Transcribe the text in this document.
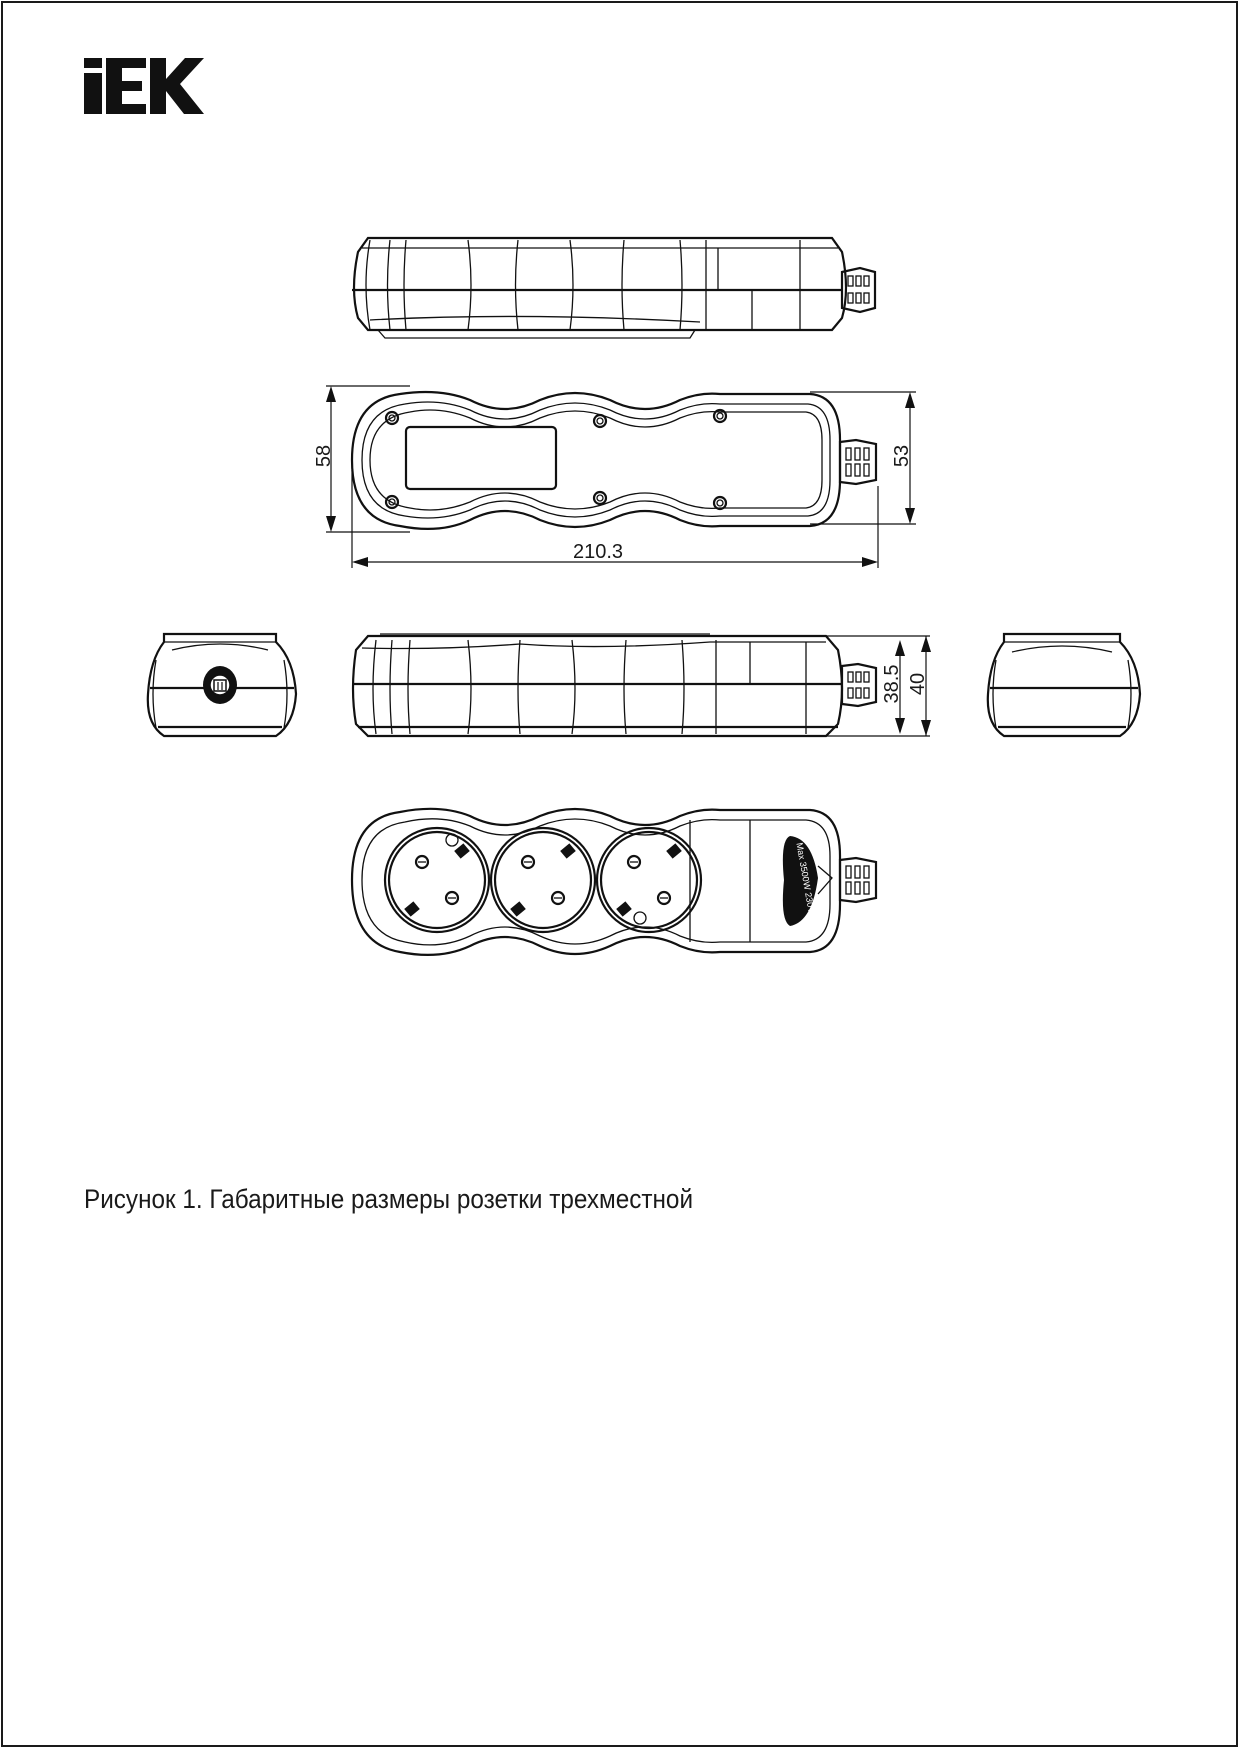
58	53
210.3
38.5 40
Max 3500W 230V~
Рисунок 1. Габаритные размеры розетки трехместной
